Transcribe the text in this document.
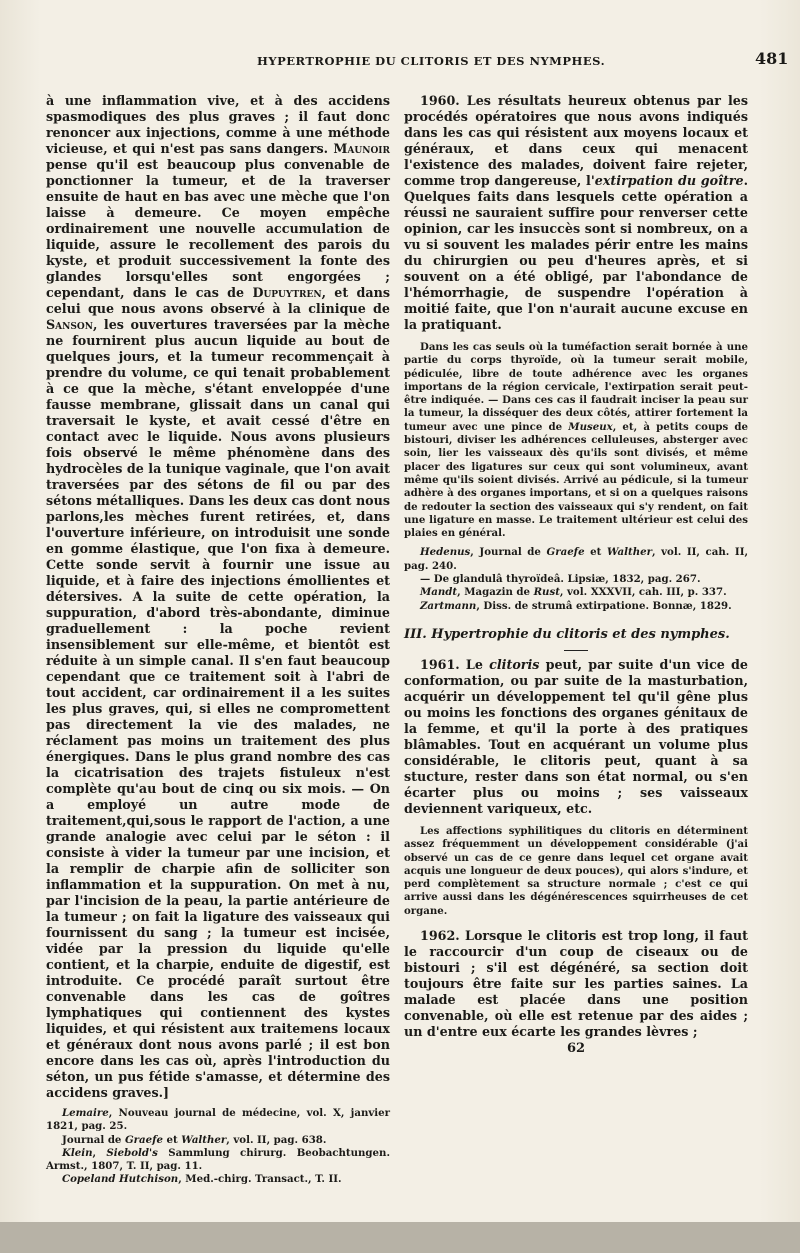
HYPERTROPHIE DU CLITORIS ET DES NYMPHES.	481

à une inflammation vive, et à des accidens spasmodiques des plus graves ; il faut donc renoncer aux injections, comme à une méthode vicieuse, et qui n'est pas sans dangers. Maunoir pense qu'il est beaucoup plus convenable de ponctionner la tumeur, et de la traverser ensuite de haut en bas avec une mèche que l'on laisse à demeure. Ce moyen empêche ordinairement une nouvelle accumulation de liquide, assure le recollement des parois du kyste, et produit successivement la fonte des glandes lorsqu'elles sont engorgées ; cependant, dans le cas de Dupuytren, et dans celui que nous avons observé à la clinique de Sanson, les ouvertures traversées par la mèche ne fournirent plus aucun liquide au bout de quelques jours, et la tumeur recommençait à prendre du volume, ce qui tenait probablement à ce que la mèche, s'étant enveloppée d'une fausse membrane, glissait dans un canal qui traversait le kyste, et avait cessé d'être en contact avec le liquide. Nous avons plusieurs fois observé le même phénomène dans des hydrocèles de la tunique vaginale, que l'on avait traversées par des sétons de fil ou par des sétons métalliques. Dans les deux cas dont nous parlons,les mèches furent retirées, et, dans l'ouverture inférieure, on introduisit une sonde en gomme élastique, que l'on fixa à demeure. Cette sonde servit à fournir une issue au liquide, et à faire des injections émollientes et détersives. A la suite de cette opération, la suppuration, d'abord très-abondante, diminue graduellement : la poche revient insensiblement sur elle-même, et bientôt est réduite à un simple canal. Il s'en faut beaucoup cependant que ce traitement soit à l'abri de tout accident, car ordinairement il a les suites les plus graves, qui, si elles ne compromettent pas directement la vie des malades, ne réclament pas moins un traitement des plus énergiques. Dans le plus grand nombre des cas la cicatrisation des trajets fistuleux n'est complète qu'au bout de cinq ou six mois. — On a employé un autre mode de traitement,qui,sous le rapport de l'action, a une grande analogie avec celui par le séton : il consiste à vider la tumeur par une incision, et la remplir de charpie afin de solliciter son inflammation et la suppuration. On met à nu, par l'incision de la peau, la partie antérieure de la tumeur ; on fait la ligature des vaisseaux qui fournissent du sang ; la tumeur est incisée, vidée par la pression du liquide qu'elle contient, et la charpie, enduite de digestif, est introduite. Ce procédé paraît surtout être convenable dans les cas de goîtres lymphatiques qui contiennent des kystes liquides, et qui résistent aux traitemens locaux et généraux dont nous avons parlé ; il est bon encore dans les cas où, après l'introduction du séton, un pus fétide s'amasse, et détermine des accidens graves.]

Lemaire, Nouveau journal de médecine, vol. X, janvier 1821, pag. 25.

Journal de Graefe et Walther, vol. II, pag. 638.

Klein, Siebold's Sammlung chirurg. Beobachtungen. Armst., 1807, T. II, pag. 11.

Copeland Hutchison, Med.-chirg. Transact., T. II.

1960. Les résultats heureux obtenus par les procédés opératoires que nous avons indiqués dans les cas qui résistent aux moyens locaux et généraux, et dans ceux qui menacent l'existence des malades, doivent faire rejeter, comme trop dangereuse, l'extirpation du goître. Quelques faits dans lesquels cette opération a réussi ne sauraient suffire pour renverser cette opinion, car les insuccès sont si nombreux, on a vu si souvent les malades périr entre les mains du chirurgien ou peu d'heures après, et si souvent on a été obligé, par l'abondance de l'hémorrhagie, de suspendre l'opération à moitié faite, que l'on n'aurait aucune excuse en la pratiquant.

Dans les cas seuls où la tuméfaction serait bornée à une partie du corps thyroïde, où la tumeur serait mobile, pédiculée, libre de toute adhérence avec les organes importans de la région cervicale, l'extirpation serait peut-être indiquée. — Dans ces cas il faudrait inciser la peau sur la tumeur, la disséquer des deux côtés, attirer fortement la tumeur avec une pince de Museux, et, à petits coups de bistouri, diviser les adhérences celluleuses, absterger avec soin, lier les vaisseaux dès qu'ils sont divisés, et même placer des ligatures sur ceux qui sont volumineux, avant même qu'ils soient divisés. Arrivé au pédicule, si la tumeur adhère à des organes importans, et si on a quelques raisons de redouter la section des vaisseaux qui s'y rendent, on fait une ligature en masse. Le traitement ultérieur est celui des plaies en général.

Hedenus, Journal de Graefe et Walther, vol. II, cah. II, pag. 240.

— De glandulâ thyroïdeâ. Lipsiæ, 1832, pag. 267.

Mandt, Magazin de Rust, vol. XXXVII, cah. III, p. 337.

Zartmann, Diss. de strumâ extirpatione. Bonnæ, 1829.

III. Hypertrophie du clitoris et des nymphes.

1961. Le clitoris peut, par suite d'un vice de conformation, ou par suite de la masturbation, acquérir un développement tel qu'il gêne plus ou moins les fonctions des organes génitaux de la femme, et qu'il la porte à des pratiques blâmables. Tout en acquérant un volume plus considérable, le clitoris peut, quant à sa stucture, rester dans son état normal, ou s'en écarter plus ou moins ; ses vaisseaux deviennent variqueux, etc.

Les affections syphilitiques du clitoris en déterminent assez fréquemment un développement considérable (j'ai observé un cas de ce genre dans lequel cet organe avait acquis une longueur de deux pouces), qui alors s'indure, et perd complètement sa structure normale ; c'est ce qui arrive aussi dans les dégénérescences squirrheuses de cet organe.

1962. Lorsque le clitoris est trop long, il faut le raccourcir d'un coup de ciseaux ou de bistouri ; s'il est dégénéré, sa section doit toujours être faite sur les parties saines. La malade est placée dans une position convenable, où elle est retenue par des aides ; un d'entre eux écarte les grandes lèvres ;

62
